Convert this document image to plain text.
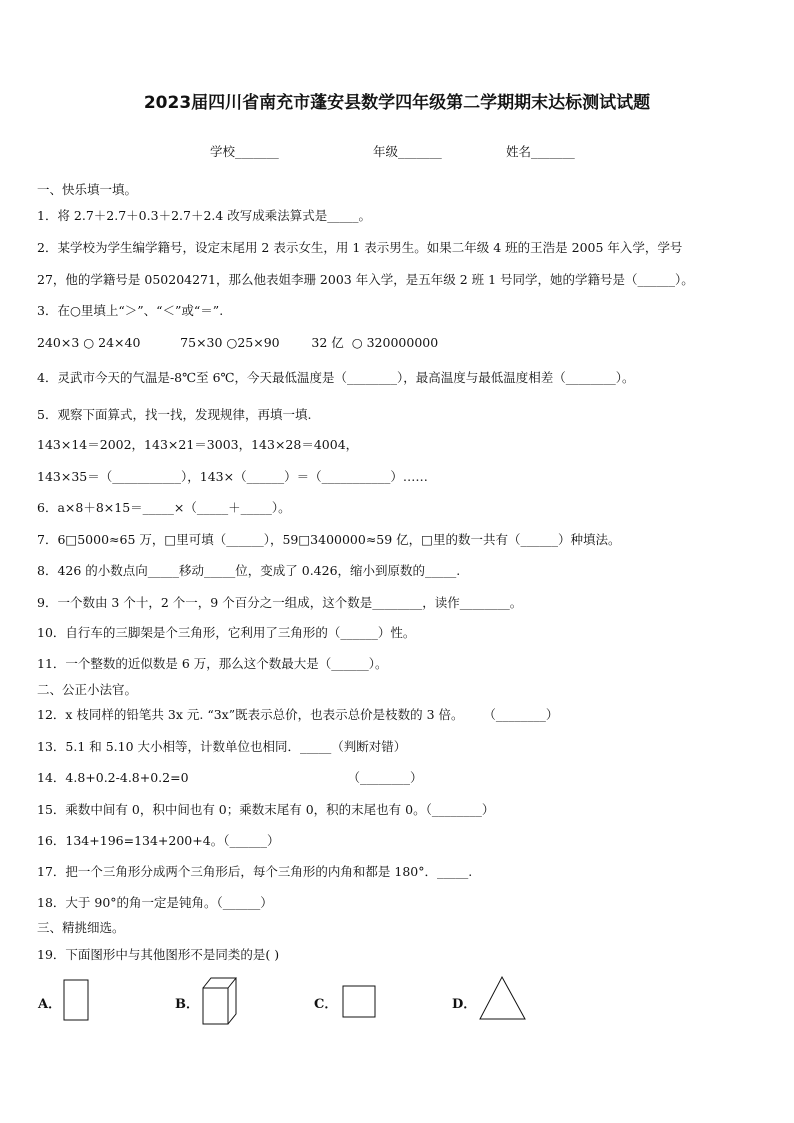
2023届四川省南充市蓬安县数学四年级第二学期期末达标测试试题
学校_______	年级_______	姓名_______
一、快乐填一填。
1．将 2.7＋2.7＋0.3＋2.7＋2.4 改写成乘法算式是_____。
2．某学校为学生编学籍号，设定末尾用 2 表示女生，用 1 表示男生。如果二年级 4 班的王浩是 2005 年入学，学号
27，他的学籍号是 050204271，那么他表姐李珊 2003 年入学，是五年级 2 班 1 号同学，她的学籍号是（______）。
3．在○里填上“＞”、“＜”或“＝”.
240×3 ○ 24×40          75×30 ○25×90        32 亿  ○ 320000000
4．灵武市今天的气温是-8℃至 6℃，今天最低温度是（________），最高温度与最低温度相差（________）。
5．观察下面算式，找一找，发现规律，再填一填.
143×14＝2002，143×21＝3003，143×28＝4004，
143×35＝（___________），143×（______）＝（___________）……
6．a×8＋8×15＝_____×（_____＋_____）。
7．6□5000≈65 万，□里可填（______），59□3400000≈59 亿，□里的数一共有（______）种填法。
8．426 的小数点向_____移动_____位，变成了 0.426，缩小到原数的_____.
9．一个数由 3 个十，2 个一，9 个百分之一组成，这个数是________，读作________。
10．自行车的三脚架是个三角形，它利用了三角形的（______）性。
11．一个整数的近似数是 6 万，那么这个数最大是（______）。
二、公正小法官。
12．x 枝同样的铅笔共 3x 元. “3x”既表示总价，也表示总价是枝数的 3 倍。     （________）
13．5.1 和 5.10 大小相等，计数单位也相同．_____（判断对错）
14．4.8+0.2-4.8+0.2=0                                        （________）
15．乘数中间有 0，积中间也有 0；乘数末尾有 0，积的末尾也有 0。（________）
16．134+196=134+200+4。（______）
17．把一个三角形分成两个三角形后，每个三角形的内角和都是 180°．_____.
18．大于 90°的角一定是钝角。（______）
三、精挑细选。
19．下面图形中与其他图形不是同类的是( )
A．	B．	C．	D．
